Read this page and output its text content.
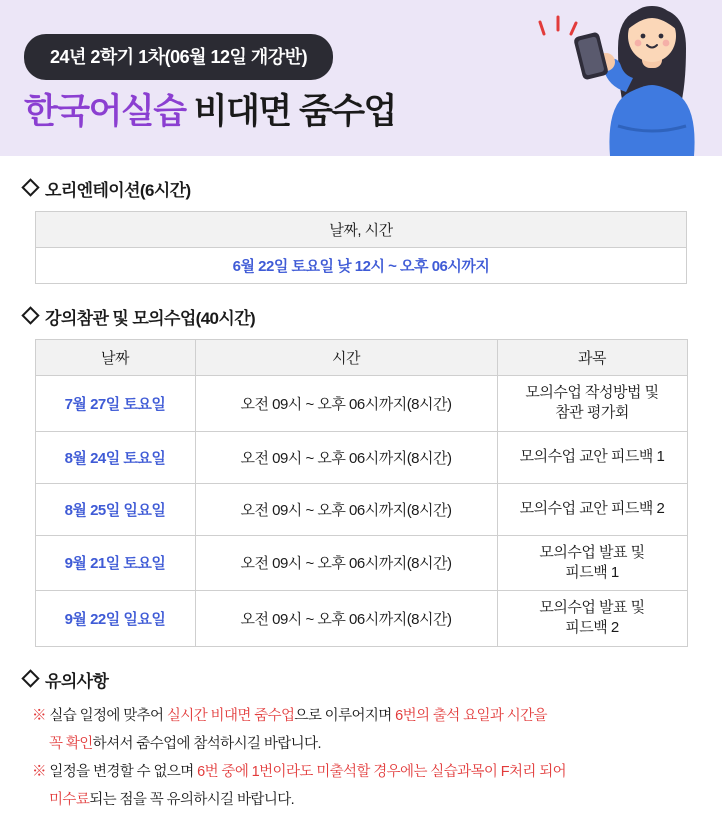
24년 2학기 1차(06월 12일 개강반)
한국어실습 비대면 줌수업
오리엔테이션(6시간)
날짜, 시간
6월 22일 토요일 낮 12시 ~ 오후 06시까지
강의참관 및 모의수업(40시간)
날짜	시간	과목
7월 27일 토요일	오전 09시 ~ 오후 06시까지(8시간)	모의수업 작성방법 및
참관 평가회
8월 24일 토요일	오전 09시 ~ 오후 06시까지(8시간)	모의수업 교안 피드백 1
8월 25일 일요일	오전 09시 ~ 오후 06시까지(8시간)	모의수업 교안 피드백 2
9월 21일 토요일	오전 09시 ~ 오후 06시까지(8시간)	모의수업 발표 및
피드백 1
9월 22일 일요일	오전 09시 ~ 오후 06시까지(8시간)	모의수업 발표 및
피드백 2
유의사항
※ 실습 일정에 맞추어 실시간 비대면 줌수업으로 이루어지며 6번의 출석 요일과 시간을
꼭 확인하셔서 줌수업에 참석하시길 바랍니다.
※ 일정을 변경할 수 없으며 6번 중에 1번이라도 미출석할 경우에는 실습과목이 F처리 되어
미수료되는 점을 꼭 유의하시길 바랍니다.
